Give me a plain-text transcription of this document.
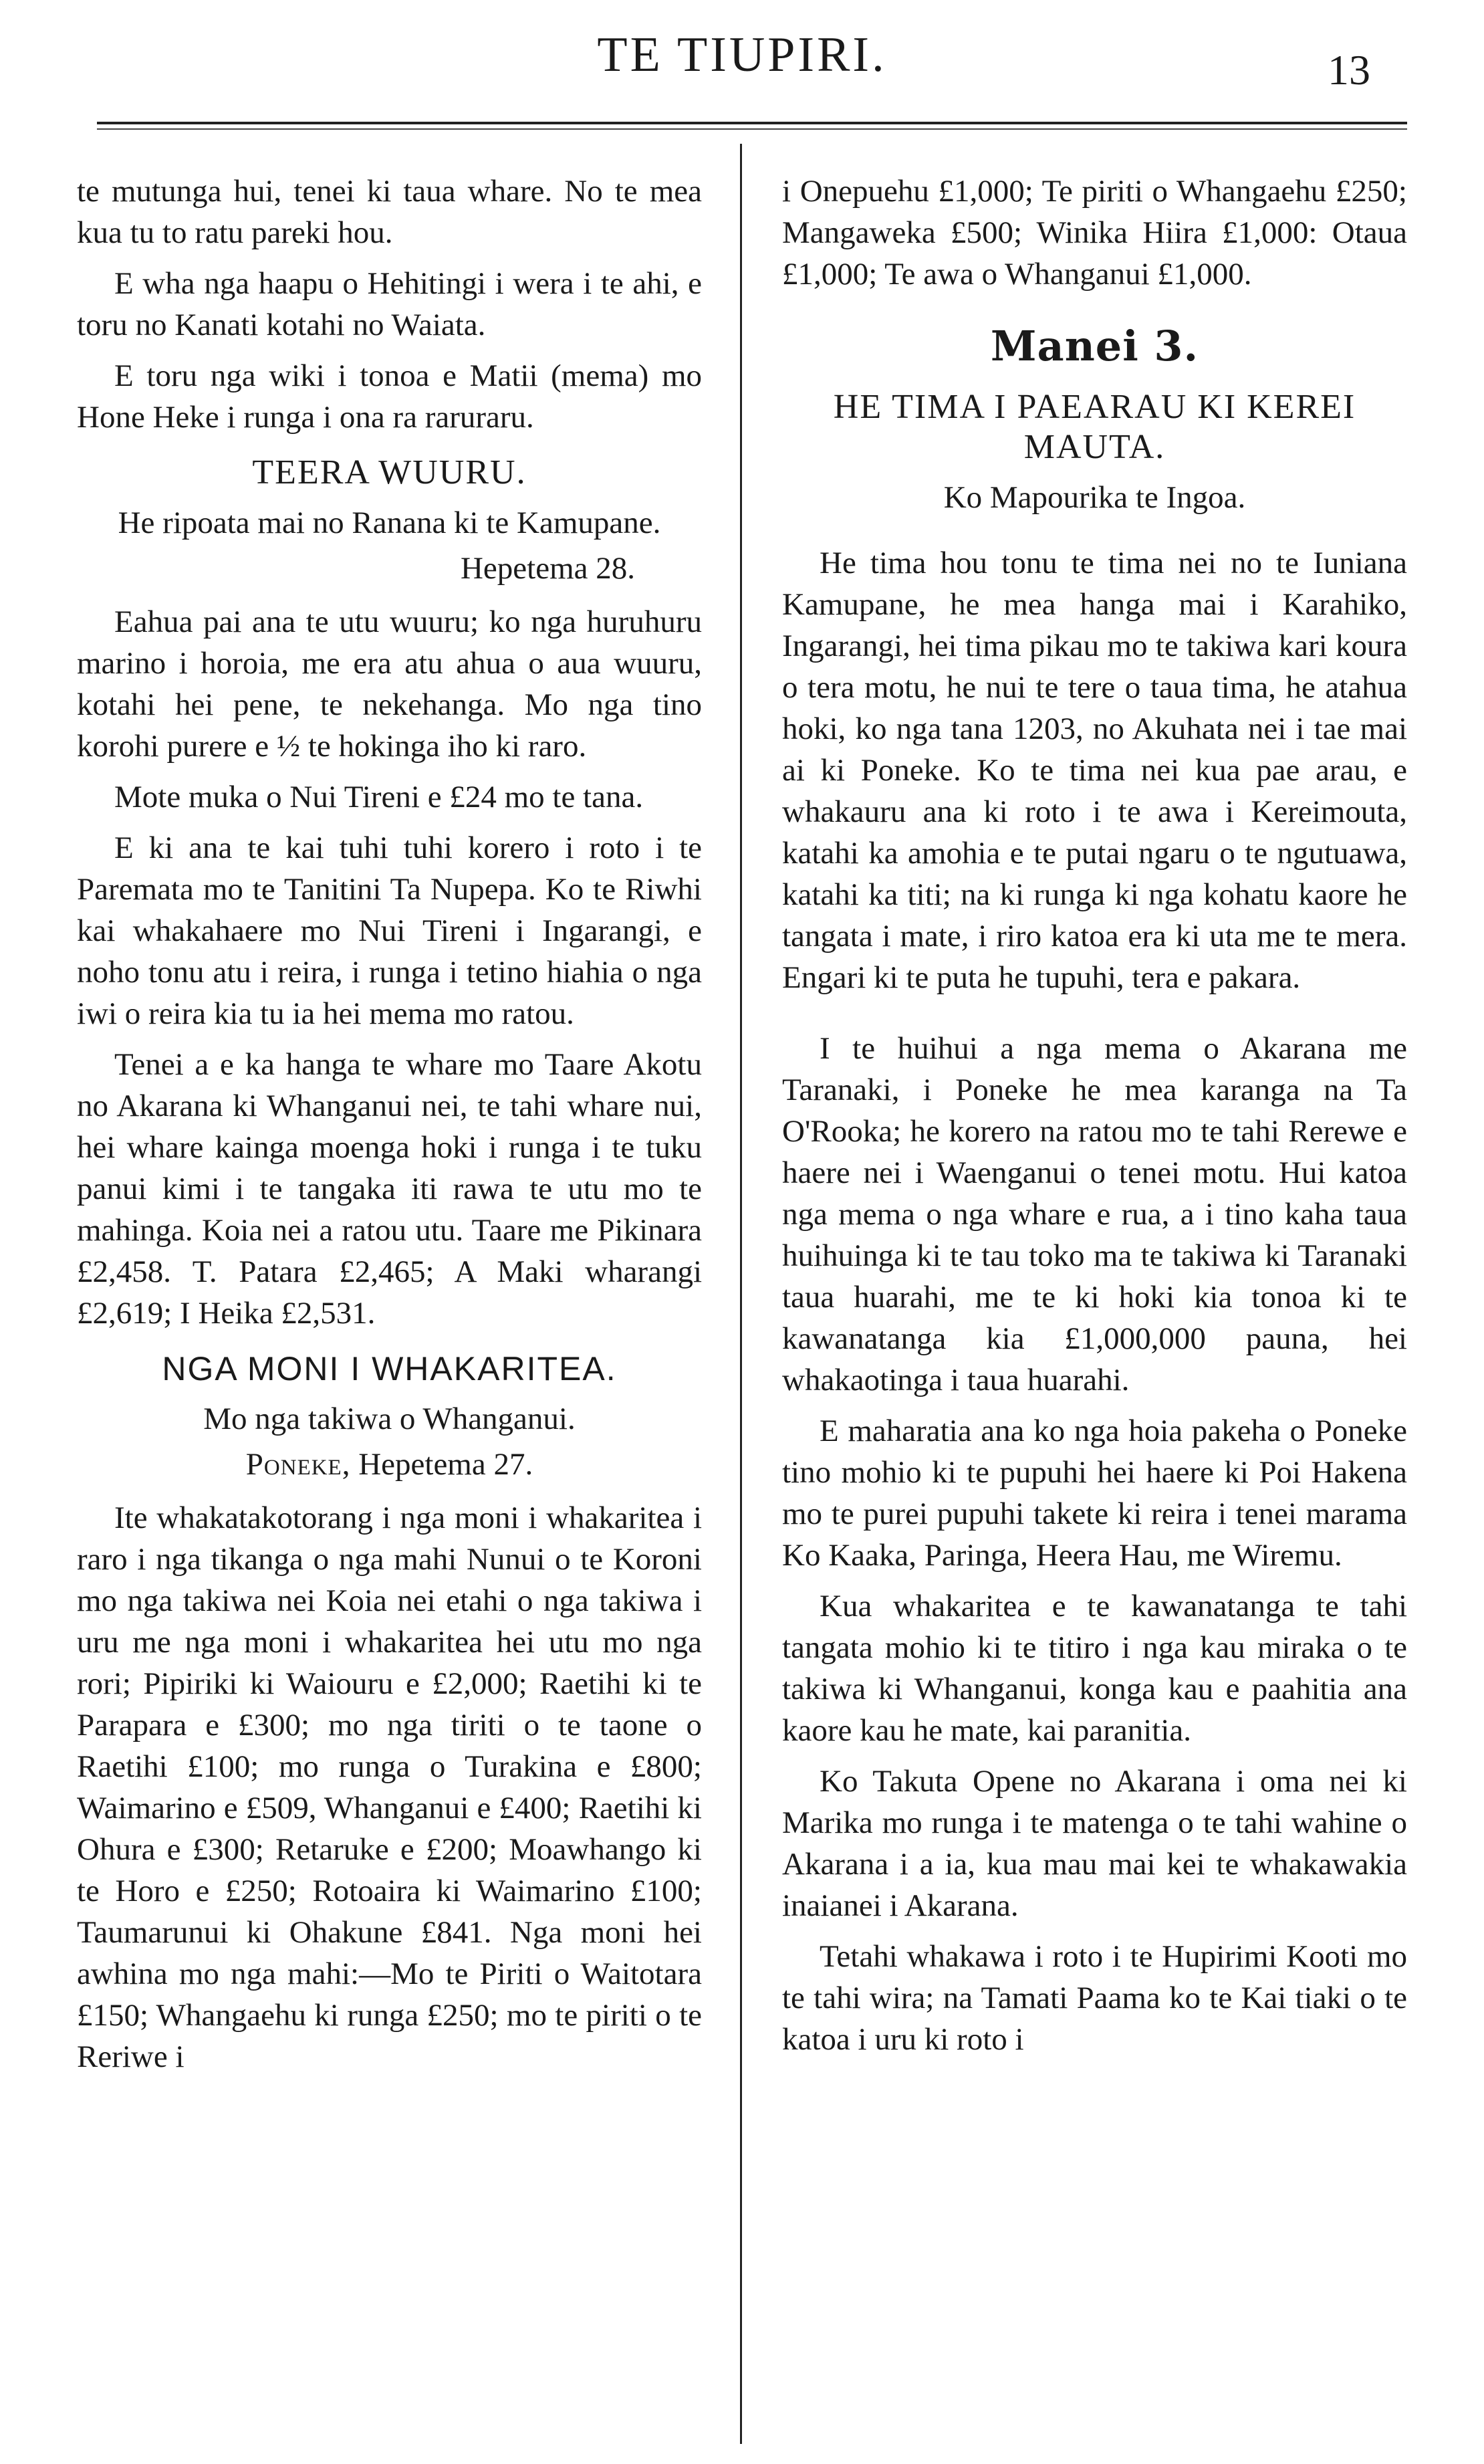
TE TIUPIRI.	13

te mutunga hui, tenei ki taua whare. No te mea kua tu to ratu pareki hou.

E wha nga haapu o Hehitingi i wera i te ahi, e toru no Kanati kotahi no Waiata.

E toru nga wiki i tonoa e Matii (mema) mo Hone Heke i runga i ona ra raruraru.

TEERA WUURU.

He ripoata mai no Ranana ki te Kamupane.

Hepetema 28.

Eahua pai ana te utu wuuru; ko nga huruhuru marino i horoia, me era atu ahua o aua wuuru, kotahi hei pene, te nekehanga. Mo nga tino korohi purere e ½ te hokinga iho ki raro.

Mote muka o Nui Tireni e £24 mo te tana.

E ki ana te kai tuhi tuhi korero i roto i te Paremata mo te Tanitini Ta Nupepa. Ko te Riwhi kai whakahaere mo Nui Tireni i Ingarangi, e noho tonu atu i reira, i runga i tetino hiahia o nga iwi o reira kia tu ia hei mema mo ratou.

Tenei a e ka hanga te whare mo Taare Akotu no Akarana ki Whanganui nei, te tahi whare nui, hei whare kainga moenga hoki i runga i te tuku panui kimi i te tangaka iti rawa te utu mo te mahinga. Koia nei a ratou utu. Taare me Pikinara £2,458. T. Patara £2,465; A Maki wharangi £2,619; I Heika £2,531.

NGA MONI I WHAKARITEA.

Mo nga takiwa o Whanganui.

Poneke, Hepetema 27.

Ite whakatakotorang i nga moni i whakaritea i raro i nga tikanga o nga mahi Nunui o te Koroni mo nga takiwa nei Koia nei etahi o nga takiwa i uru me nga moni i whakaritea hei utu mo nga rori; Pipiriki ki Waiouru e £2,000; Raetihi ki te Parapara e £300; mo nga tiriti o te taone o Raetihi £100; mo runga o Turakina e £800; Waimarino e £509, Whanganui e £400; Raetihi ki Ohura e £300; Retaruke e £200; Moawhango ki te Horo e £250; Rotoaira ki Waimarino £100; Taumarunui ki Ohakune £841. Nga moni hei awhina mo nga mahi:—Mo te Piriti o Waitotara £150; Whangaehu ki runga £250; mo te piriti o te Reriwe i

i Onepuehu £1,000; Te piriti o Whangaehu £250; Mangaweka £500; Winika Hiira £1,000: Otaua £1,000; Te awa o Whanganui £1,000.

Manei 3.
HE TIMA I PAEARAU KI KEREI MAUTA.

Ko Mapourika te Ingoa.

He tima hou tonu te tima nei no te Iuniana Kamupane, he mea hanga mai i Karahiko, Ingarangi, hei tima pikau mo te takiwa kari koura o tera motu, he nui te tere o taua tima, he atahua hoki, ko nga tana 1203, no Akuhata nei i tae mai ai ki Poneke. Ko te tima nei kua pae arau, e whakauru ana ki roto i te awa i Kereimouta, katahi ka amohia e te putai ngaru o te ngutuawa, katahi ka titi; na ki runga ki nga kohatu kaore he tangata i mate, i riro katoa era ki uta me te mera. Engari ki te puta he tupuhi, tera e pakara.

I te huihui a nga mema o Akarana me Taranaki, i Poneke he mea karanga na Ta O'Rooka; he korero na ratou mo te tahi Rerewe e haere nei i Waenganui o tenei motu. Hui katoa nga mema o nga whare e rua, a i tino kaha taua huihuinga ki te tau toko ma te takiwa ki Taranaki taua huarahi, me te ki hoki kia tonoa ki te kawanatanga kia £1,000,000 pauna, hei whakaotinga i taua huarahi.

E maharatia ana ko nga hoia pakeha o Poneke tino mohio ki te pupuhi hei haere ki Poi Hakena mo te purei pupuhi takete ki reira i tenei marama Ko Kaaka, Paringa, Heera Hau, me Wiremu.

Kua whakaritea e te kawanatanga te tahi tangata mohio ki te titiro i nga kau miraka o te takiwa ki Whanganui, konga kau e paahitia ana kaore kau he mate, kai paranitia.

Ko Takuta Opene no Akarana i oma nei ki Marika mo runga i te matenga o te tahi wahine o Akarana i a ia, kua mau mai kei te whakawakia inaianei i Akarana.

Tetahi whakawa i roto i te Hupirimi Kooti mo te tahi wira; na Tamati Paama ko te Kai tiaki o te katoa i uru ki roto i
